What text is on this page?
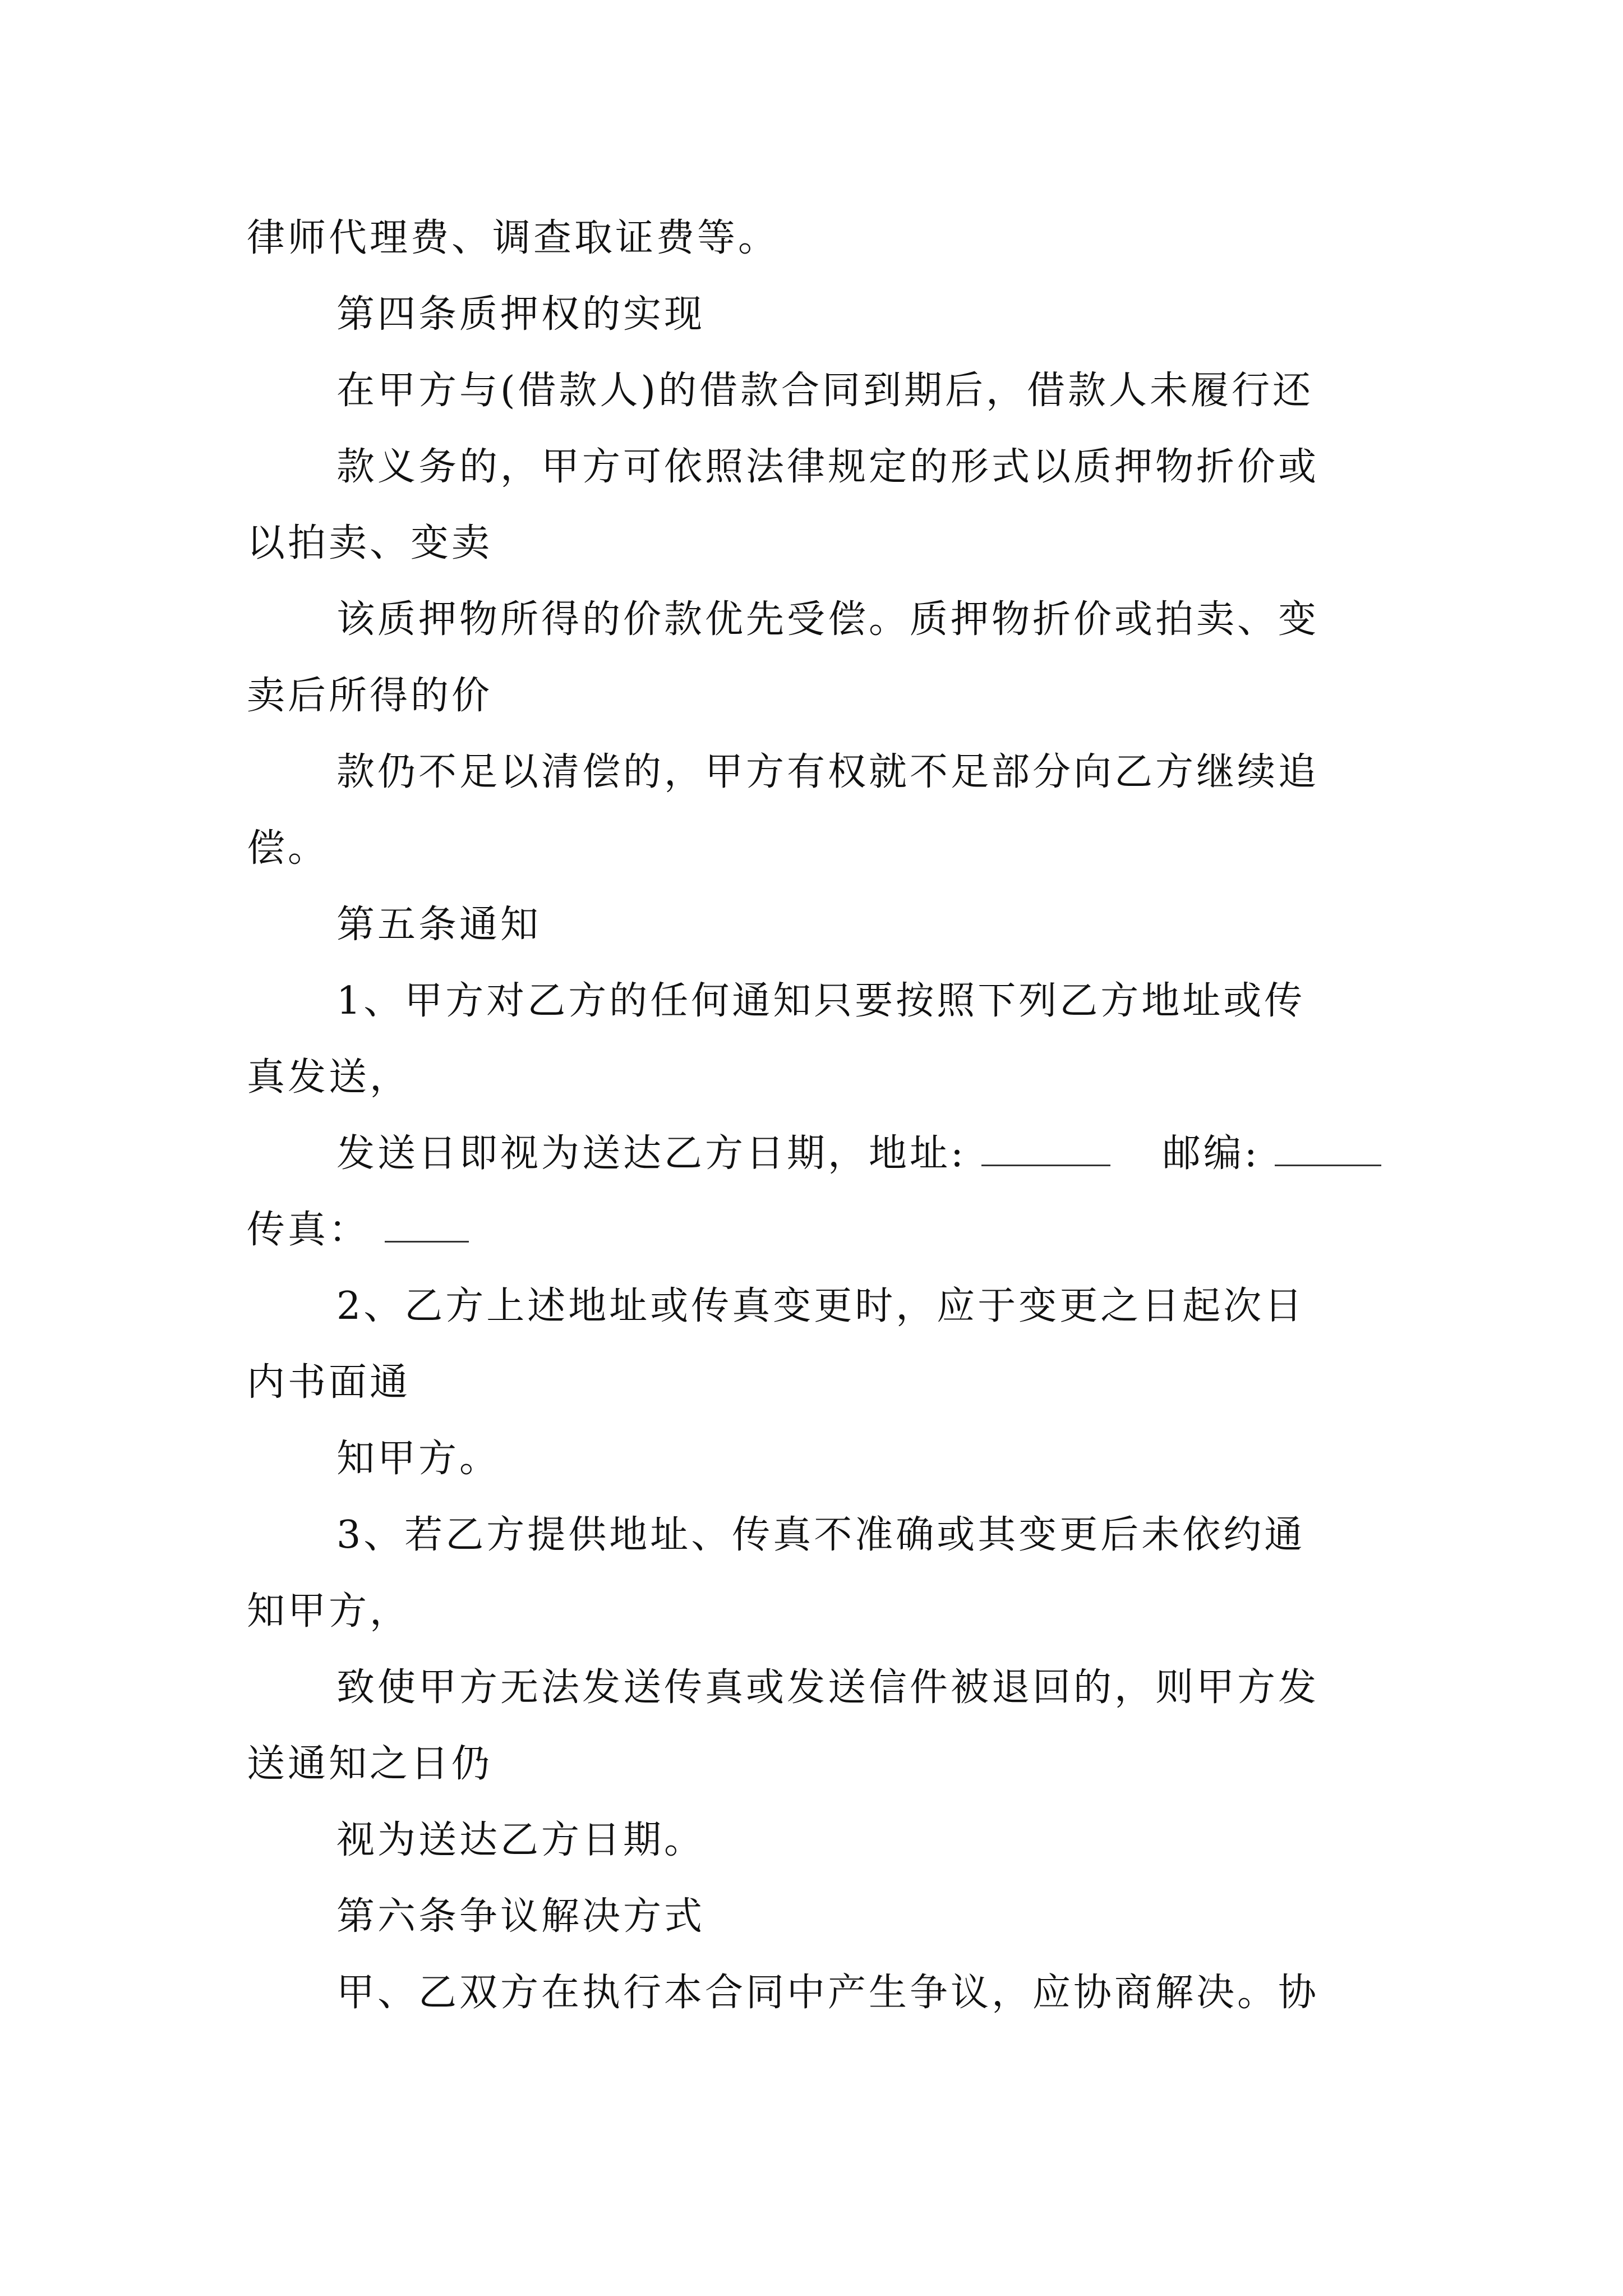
律师代理费、调查取证费等。
第四条质押权的实现
在甲方与(借款人)的借款合同到期后，借款人未履行还
款义务的，甲方可依照法律规定的形式以质押物折价或
以拍卖、变卖
该质押物所得的价款优先受偿。质押物折价或拍卖、变
卖后所得的价
款仍不足以清偿的，甲方有权就不足部分向乙方继续追
偿。
第五条通知
1、甲方对乙方的任何通知只要按照下列乙方地址或传
真发送，
发送日即视为送达乙方日期，地址:	邮编:
传真：
2、乙方上述地址或传真变更时，应于变更之日起次日
内书面通
知甲方。
3、若乙方提供地址、传真不准确或其变更后未依约通
知甲方，
致使甲方无法发送传真或发送信件被退回的，则甲方发
送通知之日仍
视为送达乙方日期。
第六条争议解决方式
甲、乙双方在执行本合同中产生争议，应协商解决。协
